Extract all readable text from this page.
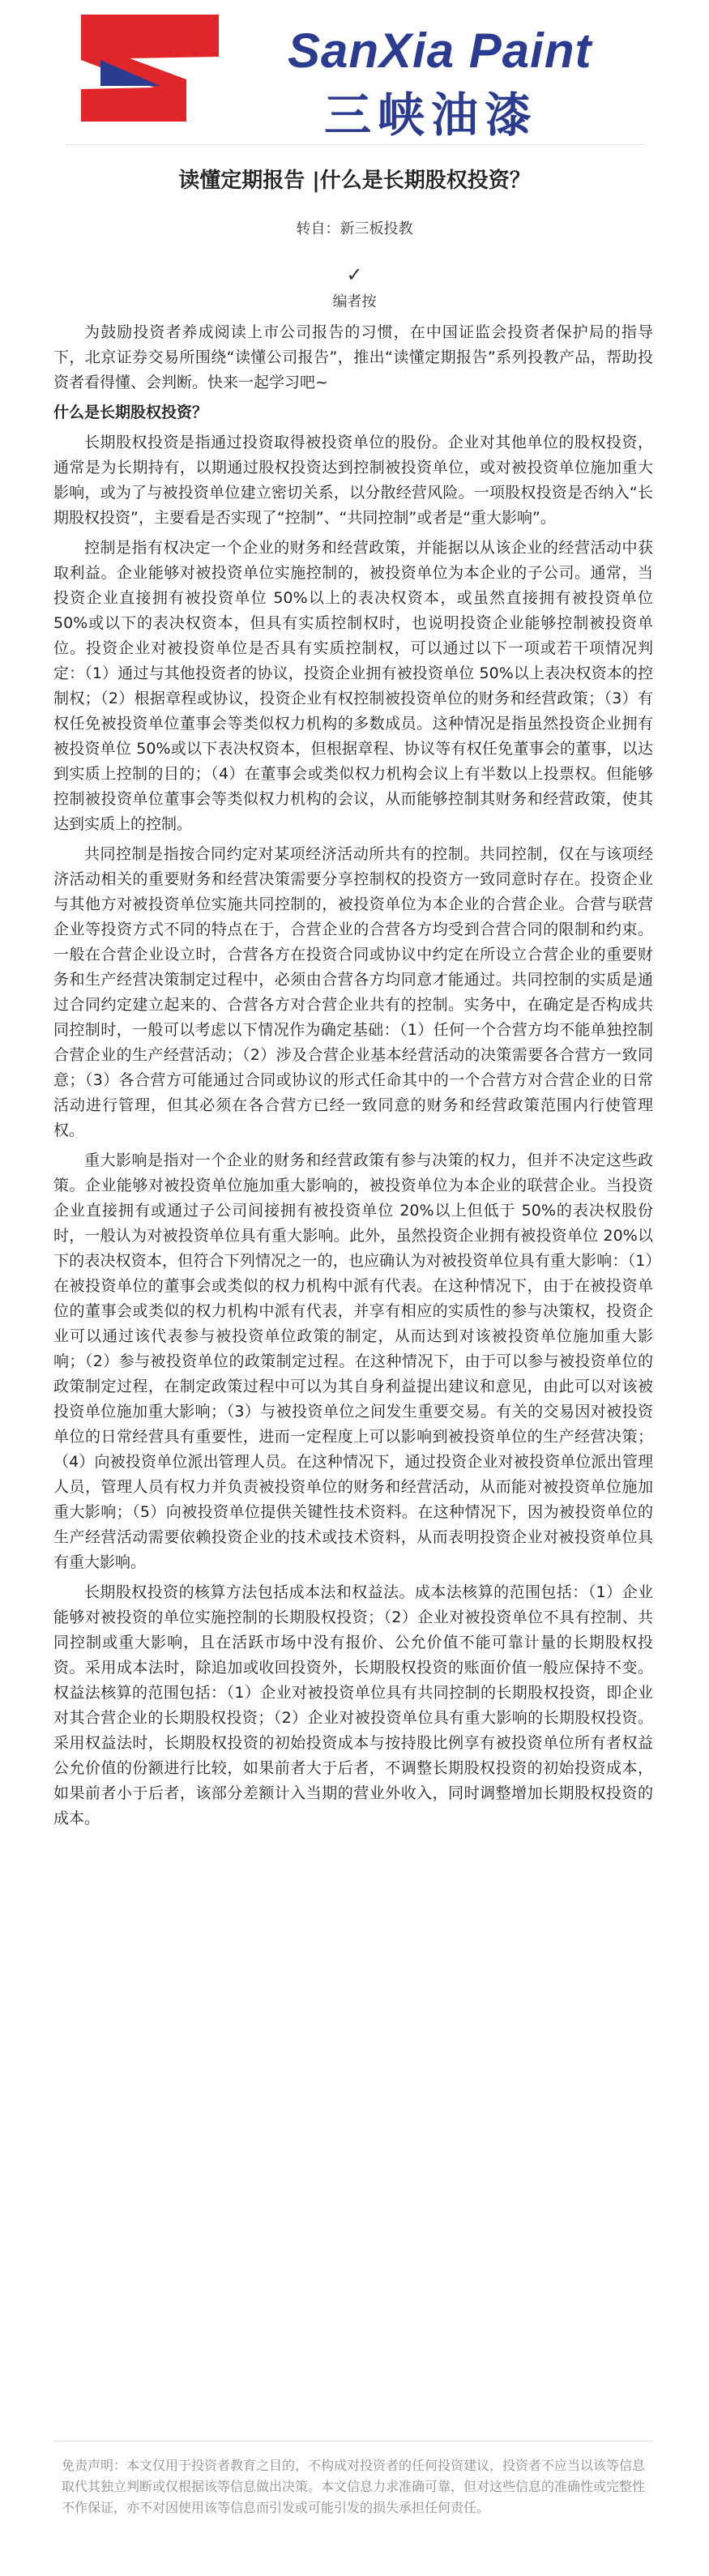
SanXia Paint
三峡油漆
读懂定期报告 |什么是长期股权投资？
转自：新三板投教
✓
编者按

为鼓励投资者养成阅读上市公司报告的习惯，在中国证监会投资者保护局的指导下，北京证券交易所围绕“读懂公司报告”，推出“读懂定期报告”系列投教产品，帮助投资者看得懂、会判断。快来一起学习吧~

什么是长期股权投资？

长期股权投资是指通过投资取得被投资单位的股份。企业对其他单位的股权投资，通常是为长期持有，以期通过股权投资达到控制被投资单位，或对被投资单位施加重大影响，或为了与被投资单位建立密切关系，以分散经营风险。一项股权投资是否纳入“长期股权投资”，主要看是否实现了“控制”、“共同控制”或者是“重大影响”。

控制是指有权决定一个企业的财务和经营政策，并能据以从该企业的经营活动中获取利益。企业能够对被投资单位实施控制的，被投资单位为本企业的子公司。通常，当投资企业直接拥有被投资单位 50%以上的表决权资本，或虽然直接拥有被投资单位 50%或以下的表决权资本，但具有实质控制权时，也说明投资企业能够控制被投资单位。投资企业对被投资单位是否具有实质控制权，可以通过以下一项或若干项情况判定：（1）通过与其他投资者的协议，投资企业拥有被投资单位 50%以上表决权资本的控制权；（2）根据章程或协议，投资企业有权控制被投资单位的财务和经营政策；（3）有权任免被投资单位董事会等类似权力机构的多数成员。这种情况是指虽然投资企业拥有被投资单位 50%或以下表决权资本，但根据章程、协议等有权任免董事会的董事，以达到实质上控制的目的；（4）在董事会或类似权力机构会议上有半数以上投票权。但能够控制被投资单位董事会等类似权力机构的会议，从而能够控制其财务和经营政策，使其达到实质上的控制。

共同控制是指按合同约定对某项经济活动所共有的控制。共同控制，仅在与该项经济活动相关的重要财务和经营决策需要分享控制权的投资方一致同意时存在。投资企业与其他方对被投资单位实施共同控制的，被投资单位为本企业的合营企业。合营与联营企业等投资方式不同的特点在于，合营企业的合营各方均受到合营合同的限制和约束。一般在合营企业设立时，合营各方在投资合同或协议中约定在所设立合营企业的重要财务和生产经营决策制定过程中，必须由合营各方均同意才能通过。共同控制的实质是通过合同约定建立起来的、合营各方对合营企业共有的控制。实务中，在确定是否构成共同控制时，一般可以考虑以下情况作为确定基础：（1）任何一个合营方均不能单独控制合营企业的生产经营活动；（2）涉及合营企业基本经营活动的决策需要各合营方一致同意；（3）各合营方可能通过合同或协议的形式任命其中的一个合营方对合营企业的日常活动进行管理，但其必须在各合营方已经一致同意的财务和经营政策范围内行使管理权。

重大影响是指对一个企业的财务和经营政策有参与决策的权力，但并不决定这些政策。企业能够对被投资单位施加重大影响的，被投资单位为本企业的联营企业。当投资企业直接拥有或通过子公司间接拥有被投资单位 20%以上但低于 50%的表决权股份时，一般认为对被投资单位具有重大影响。此外，虽然投资企业拥有被投资单位 20%以下的表决权资本，但符合下列情况之一的，也应确认为对被投资单位具有重大影响：（1）在被投资单位的董事会或类似的权力机构中派有代表。在这种情况下，由于在被投资单位的董事会或类似的权力机构中派有代表，并享有相应的实质性的参与决策权，投资企业可以通过该代表参与被投资单位政策的制定，从而达到对该被投资单位施加重大影响；（2）参与被投资单位的政策制定过程。在这种情况下，由于可以参与被投资单位的政策制定过程，在制定政策过程中可以为其自身利益提出建议和意见，由此可以对该被投资单位施加重大影响；（3）与被投资单位之间发生重要交易。有关的交易因对被投资单位的日常经营具有重要性，进而一定程度上可以影响到被投资单位的生产经营决策；（4）向被投资单位派出管理人员。在这种情况下，通过投资企业对被投资单位派出管理人员，管理人员有权力并负责被投资单位的财务和经营活动，从而能对被投资单位施加重大影响；（5）向被投资单位提供关键性技术资料。在这种情况下，因为被投资单位的生产经营活动需要依赖投资企业的技术或技术资料，从而表明投资企业对被投资单位具有重大影响。

长期股权投资的核算方法包括成本法和权益法。成本法核算的范围包括：（1）企业能够对被投资的单位实施控制的长期股权投资；（2）企业对被投资单位不具有控制、共同控制或重大影响，且在活跃市场中没有报价、公允价值不能可靠计量的长期股权投资。采用成本法时，除追加或收回投资外，长期股权投资的账面价值一般应保持不变。权益法核算的范围包括：（1）企业对被投资单位具有共同控制的长期股权投资，即企业对其合营企业的长期股权投资；（2）企业对被投资单位具有重大影响的长期股权投资。采用权益法时，长期股权投资的初始投资成本与按持股比例享有被投资单位所有者权益公允价值的份额进行比较，如果前者大于后者，不调整长期股权投资的初始投资成本，如果前者小于后者，该部分差额计入当期的营业外收入，同时调整增加长期股权投资的成本。

免责声明：本文仅用于投资者教育之目的，不构成对投资者的任何投资建议，投资者不应当以该等信息取代其独立判断或仅根据该等信息做出决策。本文信息力求准确可靠，但对这些信息的准确性或完整性不作保证，亦不对因使用该等信息而引发或可能引发的损失承担任何责任。
